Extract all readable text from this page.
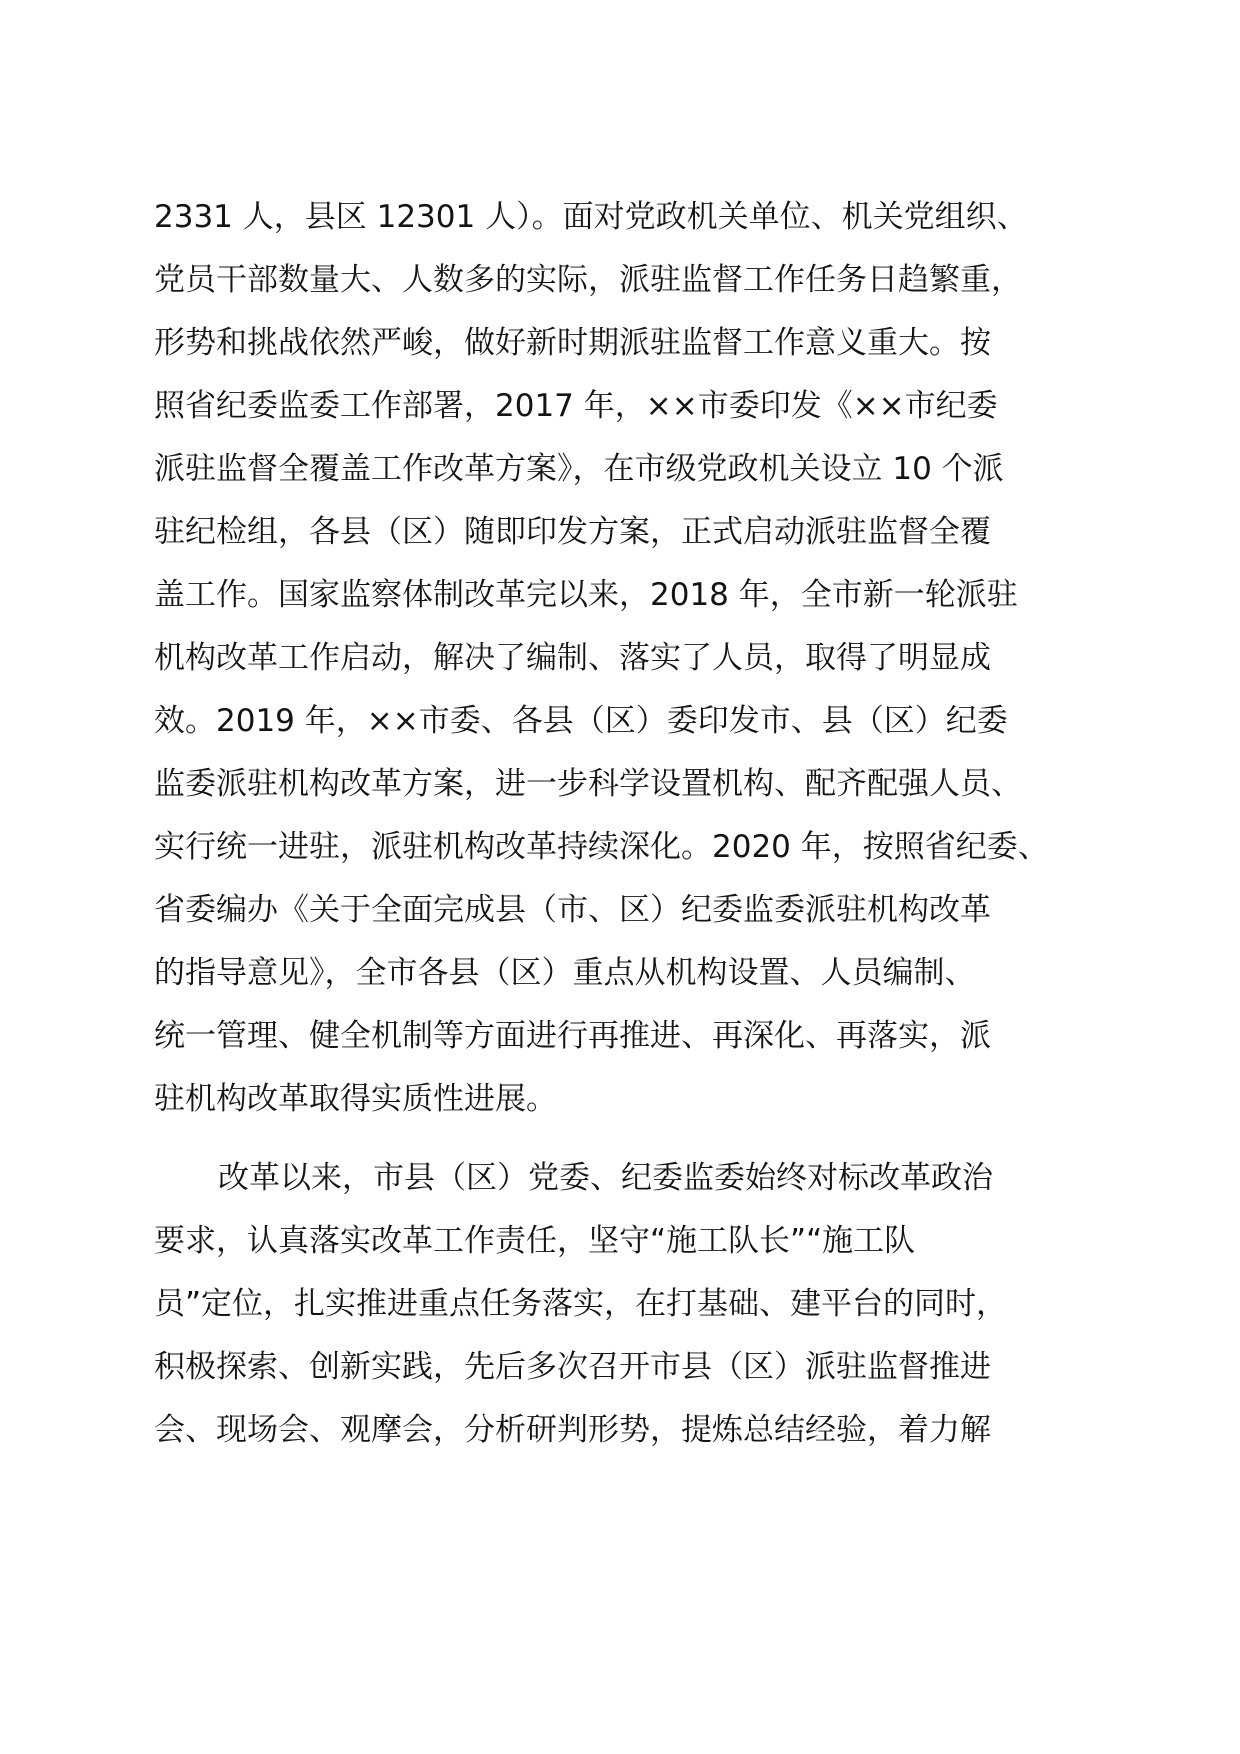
2331 人，县区 12301 人）。面对党政机关单位、机关党组织、
党员干部数量大、人数多的实际，派驻监督工作任务日趋繁重，
形势和挑战依然严峻，做好新时期派驻监督工作意义重大。按
照省纪委监委工作部署，2017 年，××市委印发《××市纪委
派驻监督全覆盖工作改革方案》，在市级党政机关设立 10 个派
驻纪检组，各县（区）随即印发方案，正式启动派驻监督全覆
盖工作。国家监察体制改革完以来，2018 年，全市新一轮派驻
机构改革工作启动，解决了编制、落实了人员，取得了明显成
效。2019 年，××市委、各县（区）委印发市、县（区）纪委
监委派驻机构改革方案，进一步科学设置机构、配齐配强人员、
实行统一进驻，派驻机构改革持续深化。2020 年，按照省纪委、
省委编办《关于全面完成县（市、区）纪委监委派驻机构改革
的指导意见》，全市各县（区）重点从机构设置、人员编制、
统一管理、健全机制等方面进行再推进、再深化、再落实，派
驻机构改革取得实质性进展。
改革以来，市县（区）党委、纪委监委始终对标改革政治
要求，认真落实改革工作责任，坚守“施工队长”“施工队
员”定位，扎实推进重点任务落实，在打基础、建平台的同时，
积极探索、创新实践，先后多次召开市县（区）派驻监督推进
会、现场会、观摩会，分析研判形势，提炼总结经验，着力解
